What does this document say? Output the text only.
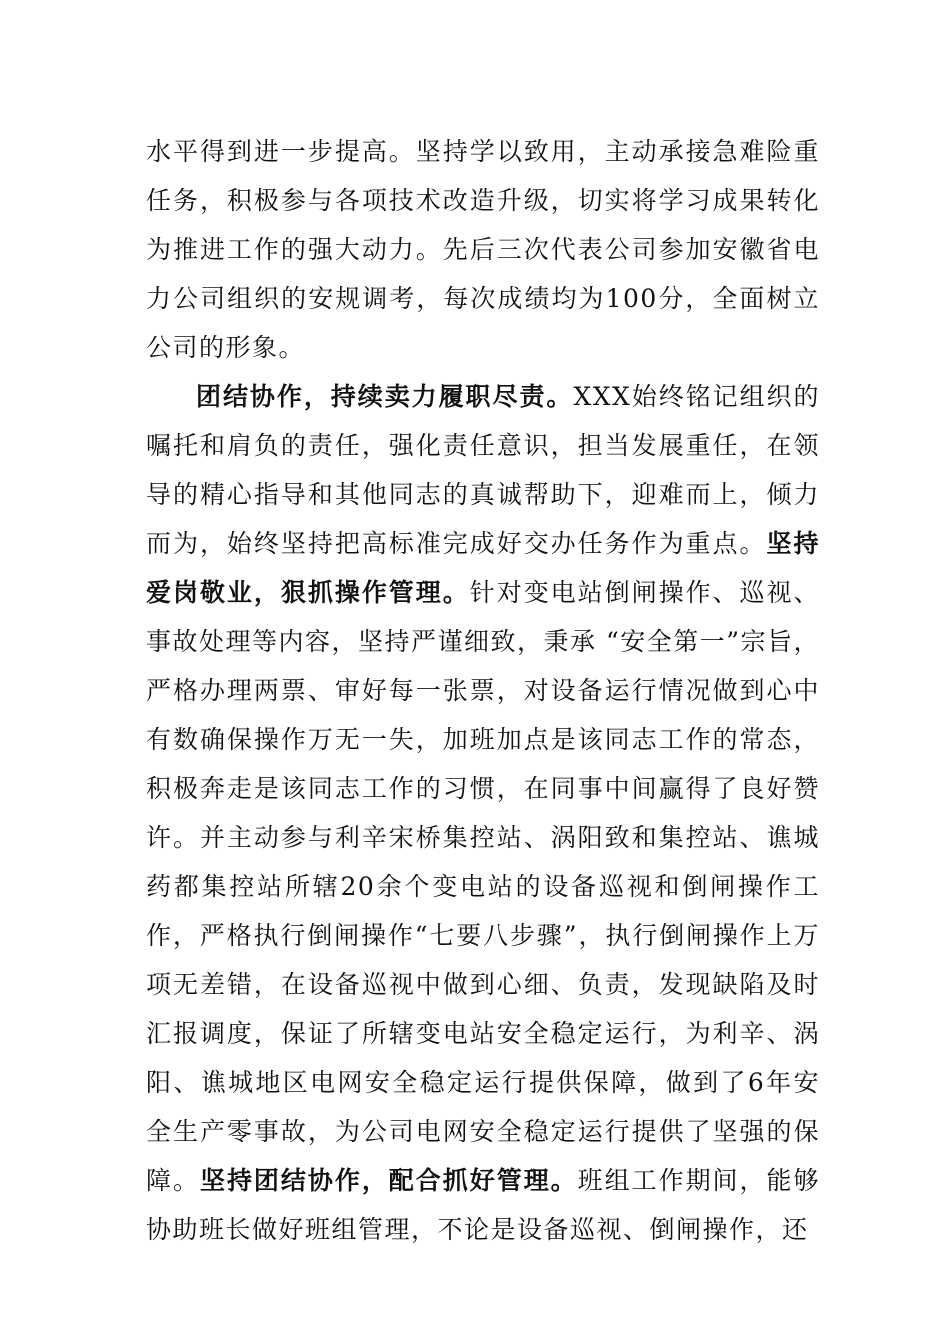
水平得到进一步提高。坚持学以致用，主动承接急难险重任务，积极参与各项技术改造升级，切实将学习成果转化为推进工作的强大动力。先后三次代表公司参加安徽省电力公司组织的安规调考，每次成绩均为100分，全面树立公司的形象。

团结协作，持续卖力履职尽责。XXX始终铭记组织的嘱托和肩负的责任，强化责任意识，担当发展重任，在领导的精心指导和其他同志的真诚帮助下，迎难而上，倾力而为，始终坚持把高标准完成好交办任务作为重点。坚持爱岗敬业，狠抓操作管理。针对变电站倒闸操作、巡视、事故处理等内容，坚持严谨细致，秉承 “安全第一”宗旨，严格办理两票、审好每一张票，对设备运行情况做到心中有数确保操作万无一失，加班加点是该同志工作的常态，积极奔走是该同志工作的习惯，在同事中间赢得了良好赞许。并主动参与利辛宋桥集控站、涡阳致和集控站、谯城药都集控站所辖20余个变电站的设备巡视和倒闸操作工作，严格执行倒闸操作“七要八步骤”，执行倒闸操作上万项无差错，在设备巡视中做到心细、负责，发现缺陷及时汇报调度，保证了所辖变电站安全稳定运行，为利辛、涡阳、谯城地区电网安全稳定运行提供保障，做到了6年安全生产零事故，为公司电网安全稳定运行提供了坚强的保障。坚持团结协作，配合抓好管理。班组工作期间，能够协助班长做好班组管理，不论是设备巡视、倒闸操作，还
